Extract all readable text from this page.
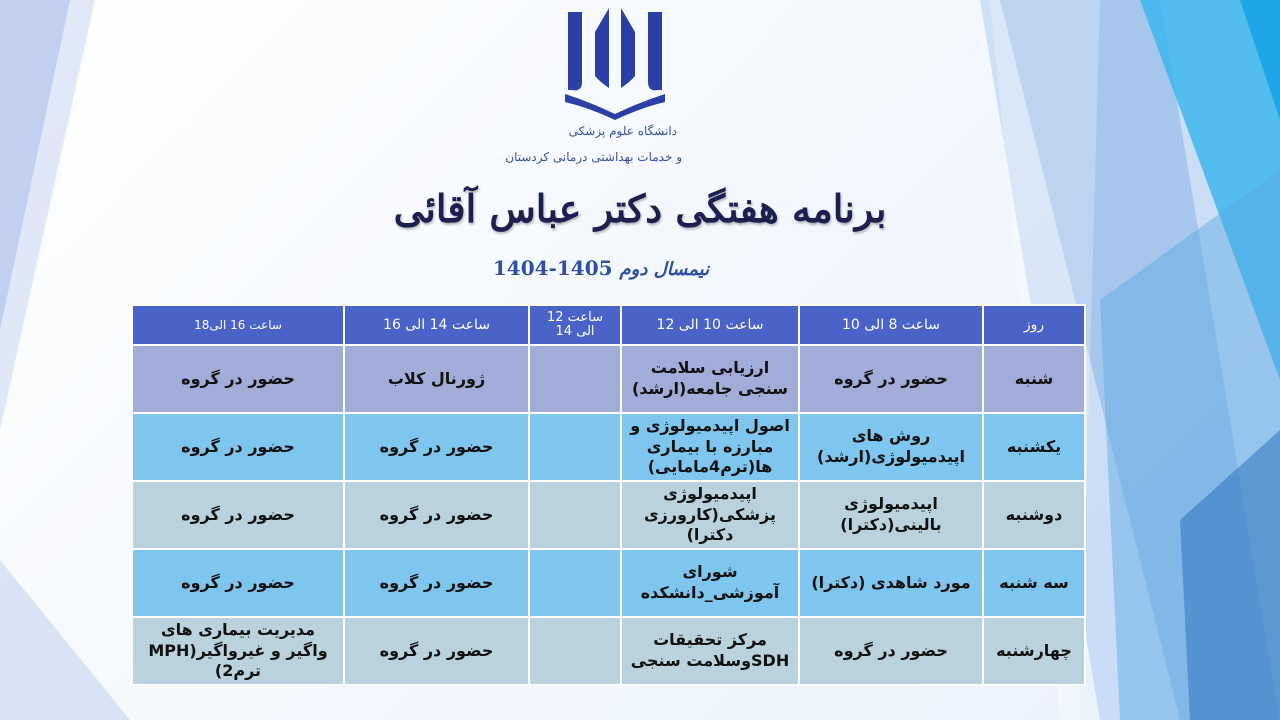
دانشگاه علوم پزشکی
و خدمات بهداشتی درمانی کردستان
برنامه هفتگی دکتر عباس آقائی
1404-1405 نیمسال دوم
روز	ساعت 8 الی 10	ساعت 10 الی 12	ساعت 12 الی 14	ساعت 14 الی 16	ساعت 16 الی18
شنبه	حضور در گروه	ارزیابی سلامت سنجی جامعه(ارشد)		ژورنال کلاب	حضور در گروه
یکشنبه	روش های اپیدمیولوژی(ارشد)	اصول اپیدمیولوژی و مبارزه با بیماری ها(ترم4مامایی)		حضور در گروه	حضور در گروه
دوشنبه	اپیدمیولوژی بالینی(دکترا)	اپیدمیولوژی پزشکی(کارورزی دکترا)		حضور در گروه	حضور در گروه
سه شنبه	مورد شاهدی (دکترا)	شورای آموزشی_دانشکده		حضور در گروه	حضور در گروه
چهارشنبه	حضور در گروه	مرکز تحقیقات SDHوسلامت سنجی		حضور در گروه	مدیریت بیماری های واگیر و غیرواگیر(MPH ترم2)
